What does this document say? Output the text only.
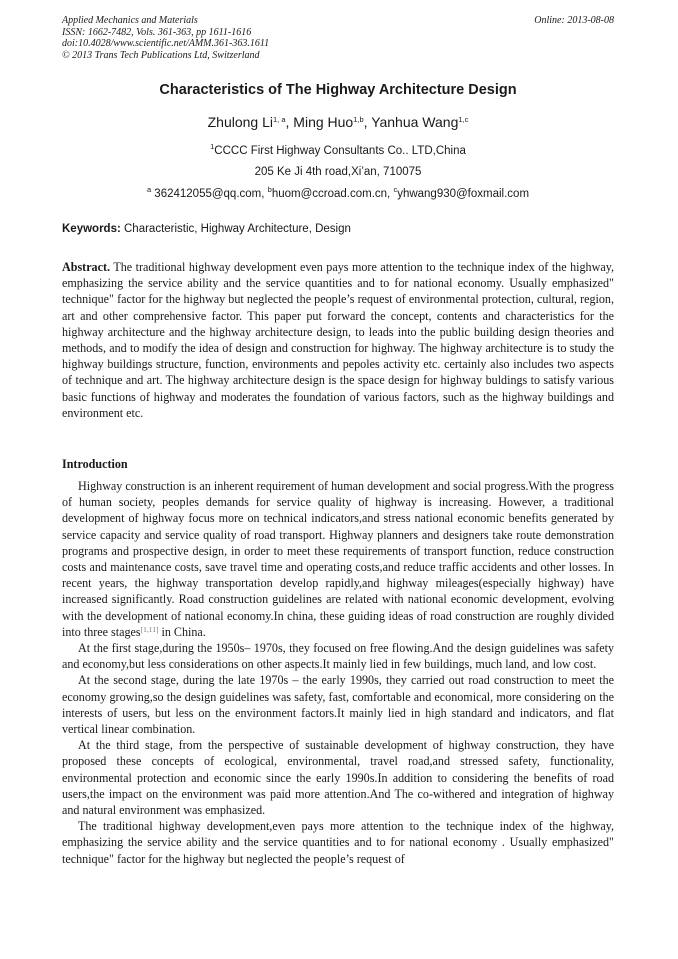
Applied Mechanics and Materials
ISSN: 1662-7482, Vols. 361-363, pp 1611-1616
doi:10.4028/www.scientific.net/AMM.361-363.1611
© 2013 Trans Tech Publications Ltd, Switzerland
Online: 2013-08-08
Characteristics of The Highway Architecture Design
Zhulong Li$^{1, a}$, Ming Huo$^{1,b}$, Yanhua Wang$^{1,c}$
$^1$CCCC First Highway Consultants Co.. LTD,China
205 Ke Ji 4th road,Xi’an, 710075
$^a$ 362412055@qq.com, $^b$huom@ccroad.com.cn, $^c$yhwang930@foxmail.com
Keywords: Characteristic, Highway Architecture, Design
Abstract. The traditional highway development even pays more attention to the technique index of the highway, emphasizing the service ability and the service quantities and to for national economy. Usually emphasized" technique" factor for the highway but neglected the people’s request of environmental protection, cultural, region, art and other comprehensive factor. This paper put forward the concept, contents and characteristics for the highway architecture and the highway architecture design, to leads into the public building design theories and methods, and to modify the idea of design and construction for highway. The highway architecture is to study the highway buildings structure, function, environments and pepoles activity etc. certainly also includes two aspects of technique and art. The highway architecture design is the space design for highway buldings to satisfy various basic functions of highway and moderates the foundation of various factors, such as the highway buildings and environment etc.
Introduction

Highway construction is an inherent requirement of human development and social progress.With the progress of human society, peoples demands for service quality of highway is increasing. However, a traditional development of highway focus more on technical indicators,and stress national economic benefits generated by service capacity and service quality of road transport. Highway planners and designers take route demonstration programs and prospective design, in order to meet these requirements of transport function, reduce construction costs and maintenance costs, save travel time and operating costs,and reduce traffic accidents and other losses. In recent years, the highway transportation develop rapidly,and highway mileages(especially highway) have increased significantly. Road construction guidelines are related with national economic development, evolving with the development of national economy.In china, these guiding ideas of road construction are roughly divided into three stages[1,11] in China.

At the first stage,during the 1950s– 1970s, they focused on free flowing.And the design guidelines was safety and economy,but less considerations on other aspects.It mainly lied in few buildings, much land, and low cost.

At the second stage, during the late 1970s – the early 1990s, they carried out road construction to meet the economy growing,so the design guidelines was safety, fast, comfortable and economical, more considering on the interests of users, but less on the environment factors.It mainly lied in high standard and indicators, and flat vertical linear combination.

At the third stage, from the perspective of sustainable development of highway construction, they have proposed these concepts of ecological, environmental, travel road,and stressed safety, functionality, environmental protection and economic since the early 1990s.In addition to considering the benefits of road users,the impact on the environment was paid more attention.And The co-withered and integration of highway and natural environment was emphasized.

The traditional highway development,even pays more attention to the technique index of the highway, emphasizing the service ability and the service quantities and to for national economy . Usually emphasized" technique" factor for the highway but neglected the people’s request of
